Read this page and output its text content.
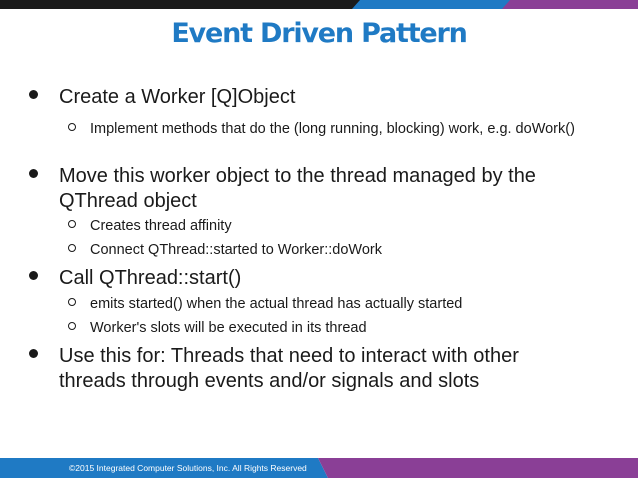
Event Driven Pattern
Create a Worker [Q]Object
Implement methods that do the (long running, blocking) work, e.g. doWork()
Move this worker object to the thread managed by the QThread object
Creates thread affinity
Connect QThread::started to Worker::doWork
Call QThread::start()
emits started() when the actual thread has actually started
Worker's slots will be executed in its thread
Use this for: Threads that need to interact with other threads through events and/or signals and slots
©2015 Integrated Computer Solutions, Inc. All Rights Reserved
